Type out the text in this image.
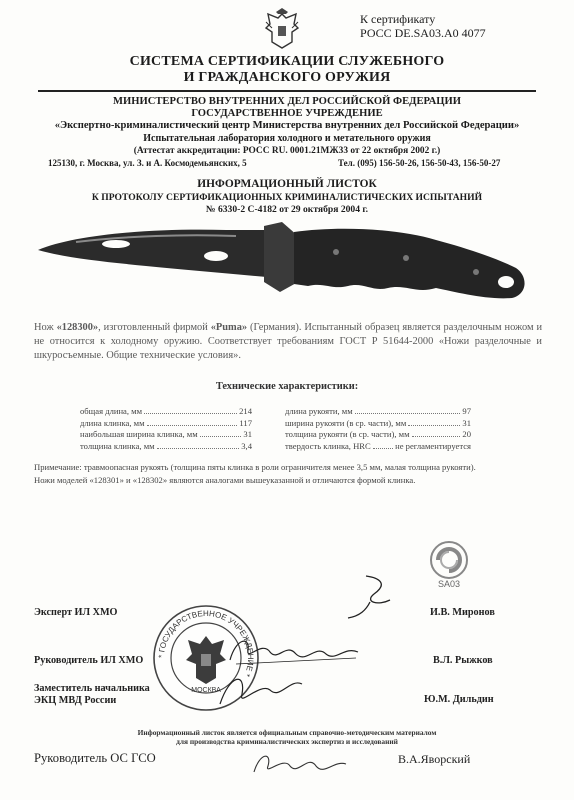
К сертификату
РОСС DE.SA03.A0 4077
СИСТЕМА СЕРТИФИКАЦИИ СЛУЖЕБНОГО
И ГРАЖДАНСКОГО ОРУЖИЯ
МИНИСТЕРСТВО ВНУТРЕННИХ ДЕЛ РОССИЙСКОЙ ФЕДЕРАЦИИ
ГОСУДАРСТВЕННОЕ УЧРЕЖДЕНИЕ
«Экспертно-криминалистический центр Министерства внутренних дел Российской Федерации»
Испытательная лаборатория холодного и метательного оружия
(Аттестат аккредитации: РОСС RU. 0001.21МЖ33 от 22 октября 2002 г.)
125130, г. Москва, ул. З. и А. Космодемьянских, 5	Тел. (095) 156-50-26, 156-50-43, 156-50-27
ИНФОРМАЦИОННЫЙ ЛИСТОК
К ПРОТОКОЛУ СЕРТИФИКАЦИОННЫХ КРИМИНАЛИСТИЧЕСКИХ ИСПЫТАНИЙ
№ 6330-2 С-4182 от 29 октября 2004 г.
Нож «128300», изготовленный фирмой «Puma» (Германия). Испытанный образец является разделочным ножом и не относится к холодному оружию. Соответствует требованиям ГОСТ Р 51644-2000 «Ножи разделочные и шкуросъемные. Общие технические условия».
Технические характеристики:
общая длина, мм	214
длина клинка, мм	117
наибольшая ширина клинка, мм	31
толщина клинка, мм	3,4
длина рукояти, мм	97
ширина рукояти (в ср. части), мм	31
толщина рукояти (в ср. части), мм	20
твердость клинка, HRC	не регламентируется
Примечание: травмоопасная рукоять (толщина пяты клинка в роли ограничителя менее 3,5 мм, малая толщина рукояти).
Ножи моделей «128301» и «128302» являются аналогами вышеуказанной и отличаются формой клинка.
SA03
Эксперт ИЛ ХМО	И.В. Миронов
Руководитель ИЛ ХМО	В.Л. Рыжков
Заместитель начальника
ЭКЦ МВД России	Ю.М. Дильдин
* ГОСУДАРСТВЕННОЕ УЧРЕЖДЕНИЕ *
МОСКВА
Информационный листок является официальным справочно-методическим материалом
для производства криминалистических экспертиз и исследований
Руководитель ОС ГСО	В.А.Яворский
